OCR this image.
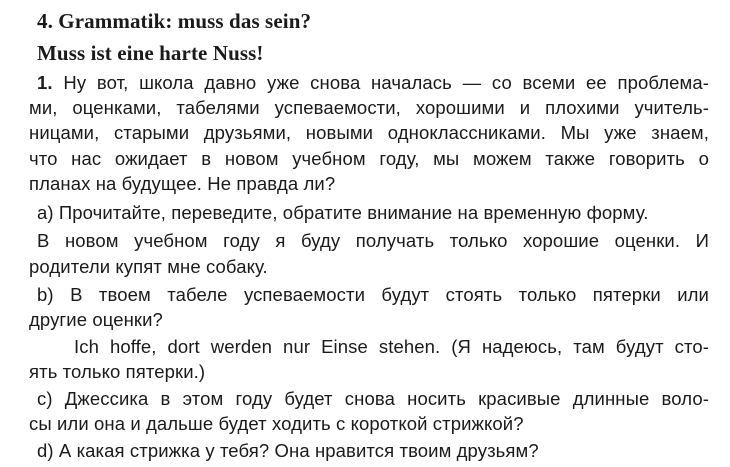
4. Grammatik: muss das sein?
Muss ist eine harte Nuss!
1. Ну вот, школа давно уже снова началась — со всеми ее проблема-
ми, оценками, табелями успеваемости, хорошими и плохими учитель-
ницами, старыми друзьями, новыми одноклассниками. Мы уже знаем,
что нас ожидает в новом учебном году, мы можем также говорить о
планах на будущее. Не правда ли?
а) Прочитайте, переведите, обратите внимание на временную форму.
В новом учебном году я буду получать только хорошие оценки. И
родители купят мне собаку.
b) В твоем табеле успеваемости будут стоять только пятерки или
другие оценки?
Ich hoffe, dort werden nur Einse stehen. (Я надеюсь, там будут сто-
ять только пятерки.)
c) Джессика в этом году будет снова носить красивые длинные воло-
сы или она и дальше будет ходить с короткой стрижкой?
d) А какая стрижка у тебя? Она нравится твоим друзьям?
